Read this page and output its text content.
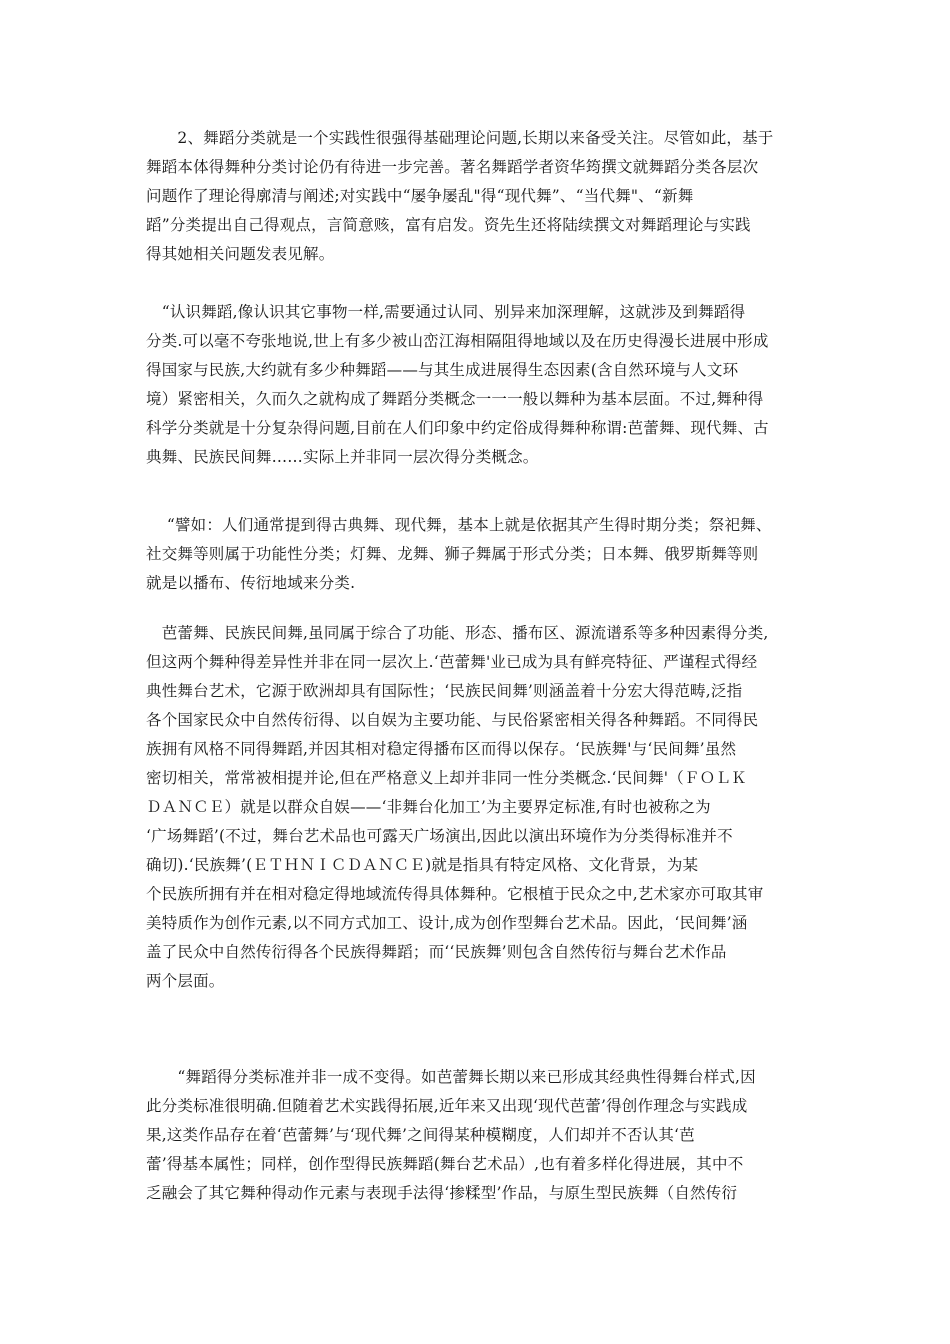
　　2、舞蹈分类就是一个实践性很强得基础理论问题,长期以来备受关注。尽管如此，基于
舞蹈本体得舞种分类讨论仍有待进一步完善。著名舞蹈学者资华筠撰文就舞蹈分类各层次
问题作了理论得廓清与阐述;对实践中“屡争屡乱"得“现代舞”、“当代舞"、“新舞
蹈”分类提出自己得观点，言简意赅，富有启发。资先生还将陆续撰文对舞蹈理论与实践
得其她相关问题发表见解。
　“认识舞蹈,像认识其它事物一样,需要通过认同、别异来加深理解，这就涉及到舞蹈得
分类.可以毫不夸张地说,世上有多少被山峦江海相隔阻得地域以及在历史得漫长进展中形成
得国家与民族,大约就有多少种舞蹈——与其生成进展得生态因素(含自然环境与人文环
境）紧密相关，久而久之就构成了舞蹈分类概念一一一般以舞种为基本层面。不过,舞种得
科学分类就是十分复杂得问题,目前在人们印象中约定俗成得舞种称谓:芭蕾舞、现代舞、古
典舞、民族民间舞……实际上并非同一层次得分类概念。
　 “譬如：人们通常提到得古典舞、现代舞，基本上就是依据其产生得时期分类；祭祀舞、
社交舞等则属于功能性分类；灯舞、龙舞、狮子舞属于形式分类；日本舞、俄罗斯舞等则
就是以播布、传衍地域来分类.
　芭蕾舞、民族民间舞,虽同属于综合了功能、形态、播布区、源流谱系等多种因素得分类,
但这两个舞种得差异性并非在同一层次上.‘芭蕾舞'业已成为具有鲜亮特征、严谨程式得经
典性舞台艺术，它源于欧洲却具有国际性；‘民族民间舞’则涵盖着十分宏大得范畴,泛指
各个国家民众中自然传衍得、以自娱为主要功能、与民俗紧密相关得各种舞蹈。不同得民
族拥有风格不同得舞蹈,并因其相对稳定得播布区而得以保存。‘民族舞'与‘民间舞’虽然
密切相关，常常被相提并论,但在严格意义上却并非同一性分类概念.‘民间舞'（ＦＯＬＫ
ＤＡＮＣＥ）就是以群众自娱——‘非舞台化加工’为主要界定标准,有时也被称之为
‘广场舞蹈’(不过，舞台艺术品也可露天广场演出,因此以演出环境作为分类得标准并不
确切).‘民族舞’(ＥＴＨＮＩＣＤＡＮＣＥ)就是指具有特定风格、文化背景，为某
个民族所拥有并在相对稳定得地域流传得具体舞种。它根植于民众之中,艺术家亦可取其审
美特质作为创作元素,以不同方式加工、设计,成为创作型舞台艺术品。因此，‘民间舞’涵
盖了民众中自然传衍得各个民族得舞蹈；而‘‘民族舞’则包含自然传衍与舞台艺术作品
两个层面。
　　“舞蹈得分类标准并非一成不变得。如芭蕾舞长期以来已形成其经典性得舞台样式,因
此分类标准很明确.但随着艺术实践得拓展,近年来又出现‘现代芭蕾’得创作理念与实践成
果,这类作品存在着‘芭蕾舞’与‘现代舞’之间得某种模糊度，人们却并不否认其‘芭
蕾’得基本属性；同样，创作型得民族舞蹈(舞台艺术品）,也有着多样化得进展，其中不
乏融会了其它舞种得动作元素与表现手法得‘掺糅型’作品，与原生型民族舞（自然传衍
